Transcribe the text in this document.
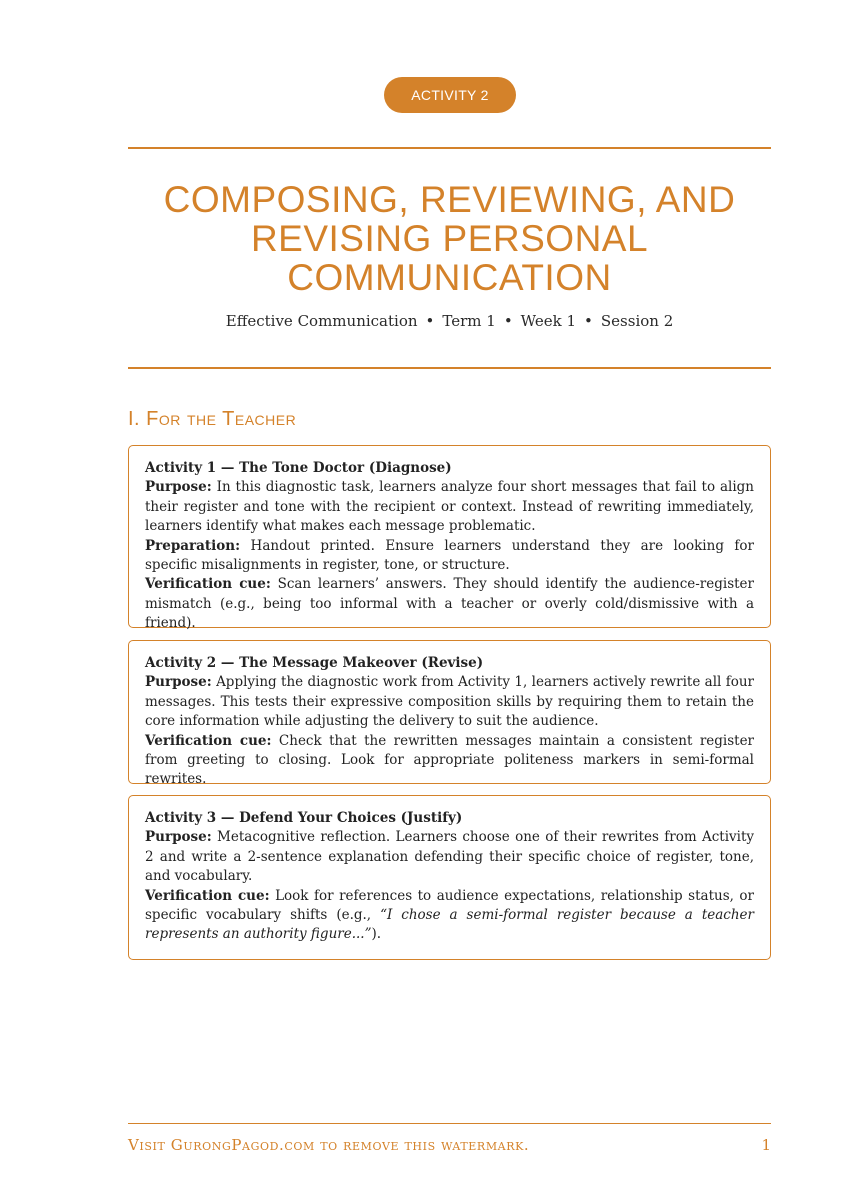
ACTIVITY 2
COMPOSING, REVIEWING, AND REVISING PERSONAL COMMUNICATION
Effective Communication • Term 1 • Week 1 • Session 2
I. For the Teacher

Activity 1 — The Tone Doctor (Diagnose)

Purpose: In this diagnostic task, learners analyze four short messages that fail to align their register and tone with the recipient or context. Instead of rewriting immediately, learners identify what makes each message problematic.

Preparation: Handout printed. Ensure learners understand they are looking for specific misalignments in register, tone, or structure.

Verification cue: Scan learners’ answers. They should identify the audience-register mismatch (e.g., being too informal with a teacher or overly cold/dismissive with a friend).

Activity 2 — The Message Makeover (Revise)

Purpose: Applying the diagnostic work from Activity 1, learners actively rewrite all four messages. This tests their expressive composition skills by requiring them to retain the core information while adjusting the delivery to suit the audience.

Verification cue: Check that the rewritten messages maintain a consistent register from greeting to closing. Look for appropriate politeness markers in semi-formal rewrites.

Activity 3 — Defend Your Choices (Justify)

Purpose: Metacognitive reflection. Learners choose one of their rewrites from Activity 2 and write a 2-sentence explanation defending their specific choice of register, tone, and vocabulary.

Verification cue: Look for references to audience expectations, relationship status, or specific vocabulary shifts (e.g., “I chose a semi-formal register because a teacher represents an authority figure...”).

Visit GurongPagod.com to remove this watermark.	1
